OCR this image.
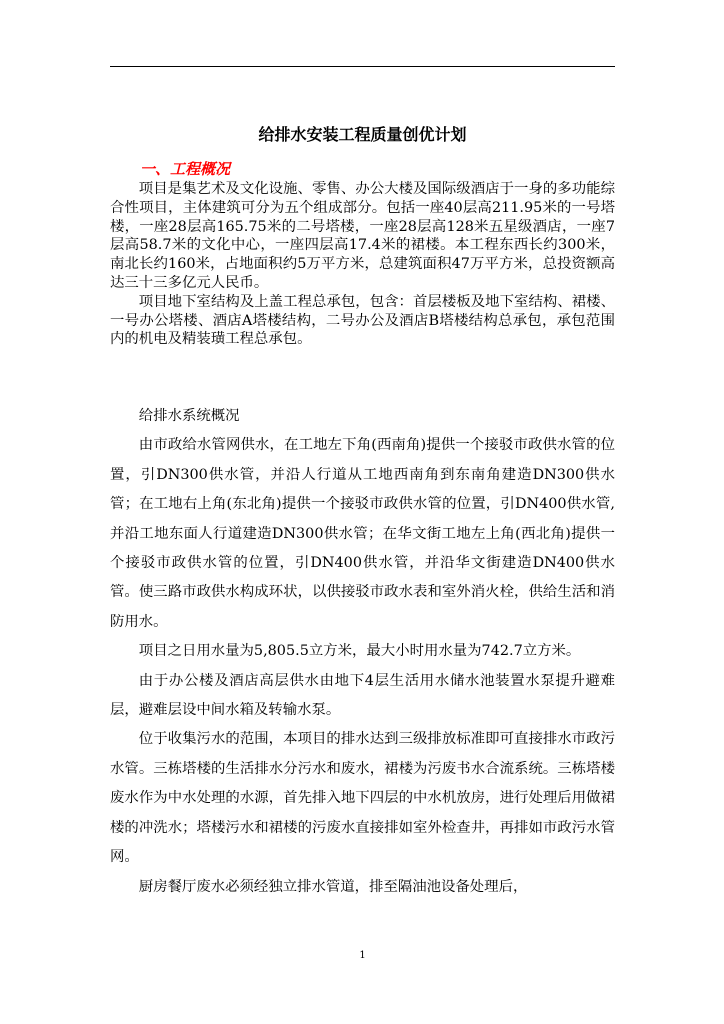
给排水安装工程质量创优计划
一、工程概况

项目是集艺术及文化设施、零售、办公大楼及国际级酒店于一身的多功能综合性项目，主体建筑可分为五个组成部分。包括一座40层高211.95米的一号塔楼，一座28层高165.75米的二号塔楼，一座28层高128米五星级酒店，一座7层高58.7米的文化中心，一座四层高17.4米的裙楼。本工程东西长约300米，南北长约160米，占地面积约5万平方米，总建筑面积47万平方米，总投资额高达三十三多亿元人民币。

项目地下室结构及上盖工程总承包，包含：首层楼板及地下室结构、裙楼、一号办公塔楼、酒店A塔楼结构，二号办公及酒店B塔楼结构总承包，承包范围内的机电及精装璜工程总承包。

给排水系统概况

由市政给水管网供水，在工地左下角(西南角)提供一个接驳市政供水管的位置，引DN300供水管，并沿人行道从工地西南角到东南角建造DN300供水管；在工地右上角(东北角)提供一个接驳市政供水管的位置，引DN400供水管,并沿工地东面人行道建造DN300供水管；在华文街工地左上角(西北角)提供一个接驳市政供水管的位置，引DN400供水管，并沿华文街建造DN400供水管。使三路市政供水构成环状，以供接驳市政水表和室外消火栓，供给生活和消防用水。

项目之日用水量为5,805.5立方米，最大小时用水量为742.7立方米。

由于办公楼及酒店高层供水由地下4层生活用水储水池装置水泵提升避难层，避难层设中间水箱及转输水泵。

位于收集污水的范围，本项目的排水达到三级排放标准即可直接排水市政污水管。三栋塔楼的生活排水分污水和废水，裙楼为污废书水合流系统。三栋塔楼废水作为中水处理的水源，首先排入地下四层的中水机放房，进行处理后用做裙楼的冲洗水；塔楼污水和裙楼的污废水直接排如室外检查井，再排如市政污水管网。

厨房餐厅废水必须经独立排水管道，排至隔油池设备处理后，

1
